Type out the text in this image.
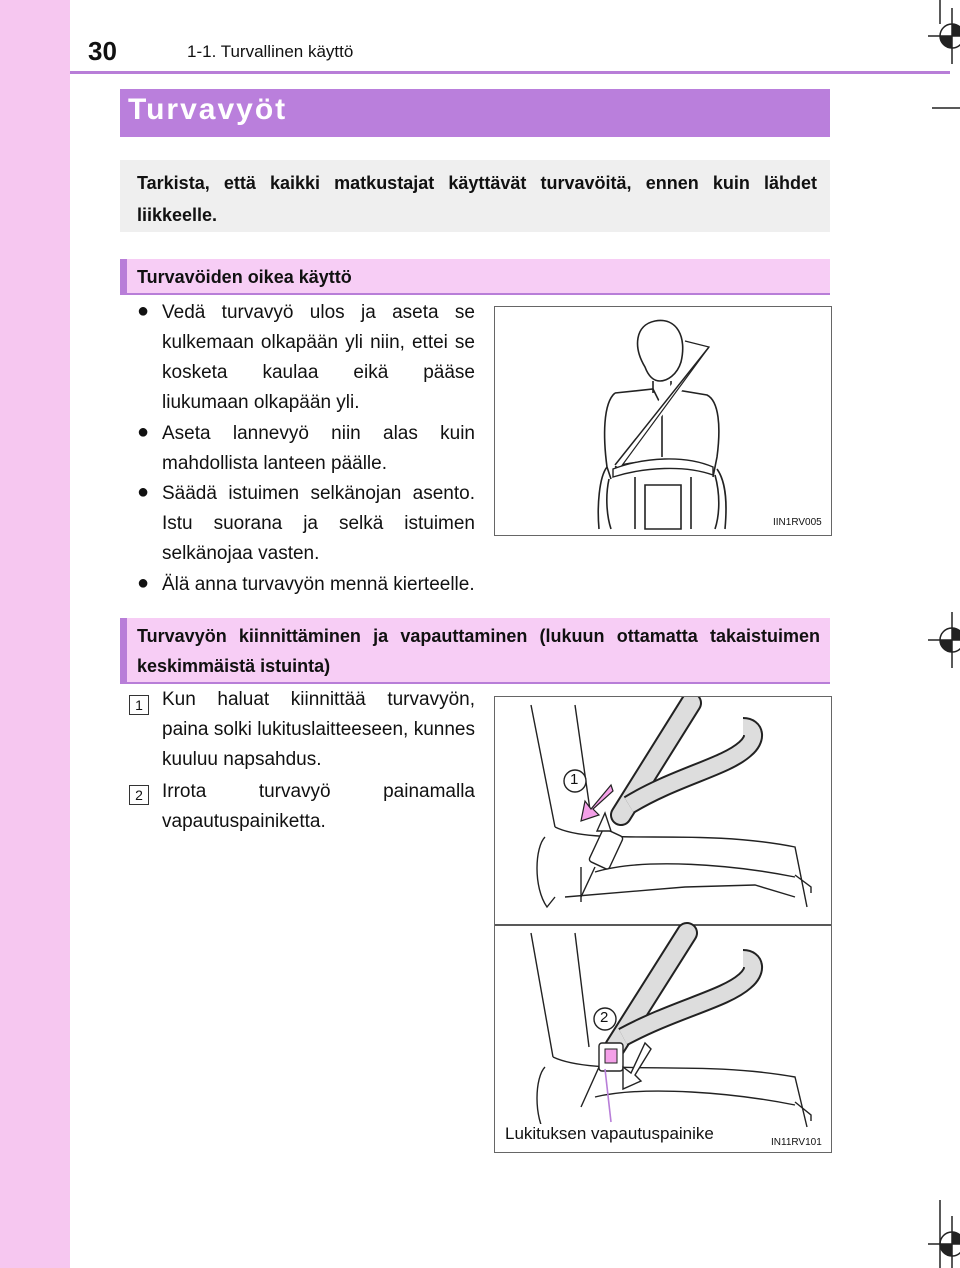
30	1-1. Turvallinen käyttö
Turvavyöt
Tarkista, että kaikki matkustajat käyttävät turvavöitä, ennen kuin lähdet liikkeelle.
Turvavöiden oikea käyttö
● Vedä turvavyö ulos ja aseta se kulkemaan olkapään yli niin, ettei se kosketa kaulaa eikä pääse liukumaan olkapään yli.
● Aseta lannevyö niin alas kuin mahdollista lanteen päälle.
● Säädä istuimen selkänojan asento. Istu suorana ja selkä istuimen selkänojaa vasten.
● Älä anna turvavyön mennä kierteelle.
IIN1RV005
Turvavyön kiinnittäminen ja vapauttaminen (lukuun ottamatta takaistuimen keskimmäistä istuinta)
1	Kun haluat kiinnittää turvavyön, paina solki lukituslaitteeseen, kunnes kuuluu napsahdus.
2	Irrota turvavyö painamalla vapautuspainiketta.
1
2
Lukituksen vapautuspainike	IN11RV101
